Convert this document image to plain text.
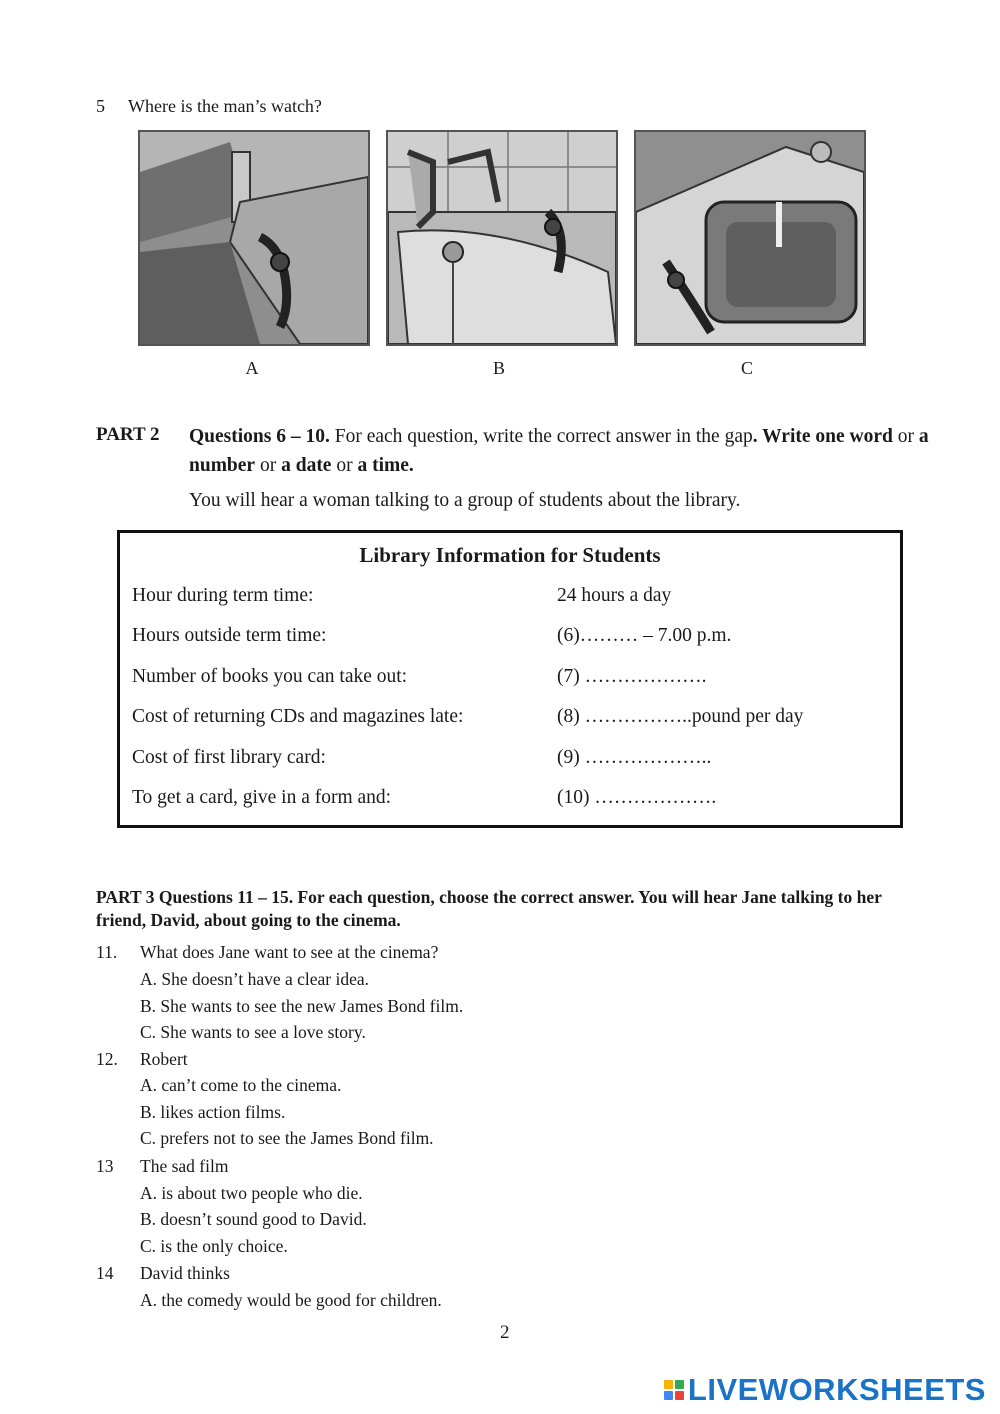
5 Where is the man’s watch?
A	B	C
PART 2 Questions 6 – 10. For each question, write the correct answer in the gap. Write one word or a number or a date or a time.
You will hear a woman talking to a group of students about the library.
Library Information for Students
Hour during term time:	24 hours a day
Hours outside term time:	(6)……… – 7.00 p.m.
Number of books you can take out:	(7) ……………….
Cost of returning CDs and magazines late:	(8) ……………..pound per day
Cost of first library card:	(9) ………………..
To get a card, give in a form and:	(10) ……………….
PART 3 Questions 11 – 15. For each question, choose the correct answer. You will hear Jane talking to her friend, David, about going to the cinema.
11. What does Jane want to see at the cinema?
A. She doesn’t have a clear idea.
B. She wants to see the new James Bond film.
C. She wants to see a love story.
12. Robert
A. can’t come to the cinema.
B. likes action films.
C. prefers not to see the James Bond film.
13 The sad film
A. is about two people who die.
B. doesn’t sound good to David.
C. is the only choice.
14 David thinks
A. the comedy would be good for children.
2
LIVEWORKSHEETS
